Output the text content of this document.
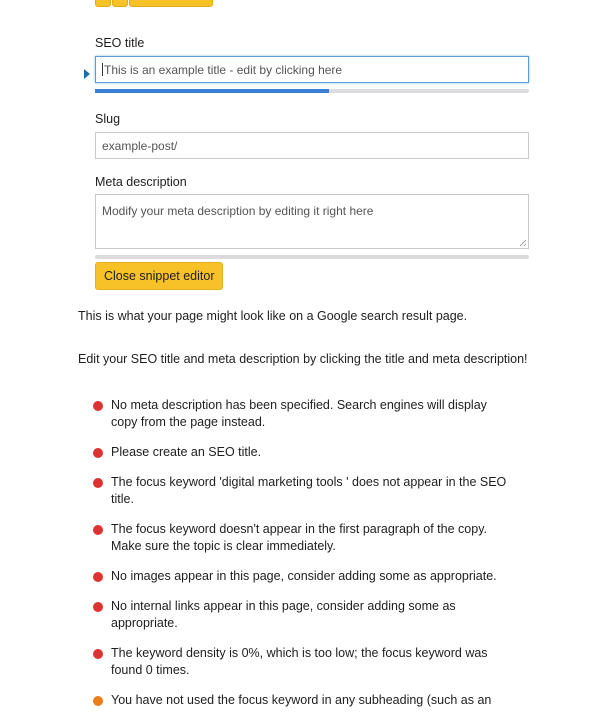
SEO title
This is an example title - edit by clicking here
Slug
example-post/
Meta description
Modify your meta description by editing it right here
Close snippet editor
This is what your page might look like on a Google search result page.
Edit your SEO title and meta description by clicking the title and meta description!
No meta description has been specified. Search engines will display
copy from the page instead.
Please create an SEO title.
The focus keyword 'digital marketing tools ' does not appear in the SEO
title.
The focus keyword doesn't appear in the first paragraph of the copy.
Make sure the topic is clear immediately.
No images appear in this page, consider adding some as appropriate.
No internal links appear in this page, consider adding some as
appropriate.
The keyword density is 0%, which is too low; the focus keyword was
found 0 times.
You have not used the focus keyword in any subheading (such as an
